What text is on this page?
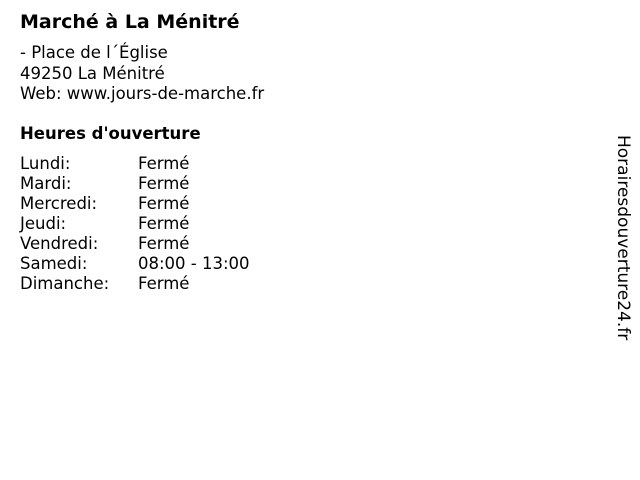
Marché à La Ménitré
- Place de l´Église
49250 La Ménitré
Web: www.jours-de-marche.fr
Heures d'ouverture
Lundi:	Fermé
Mardi:	Fermé
Mercredi:	Fermé
Jeudi:	Fermé
Vendredi:	Fermé
Samedi:	08:00 - 13:00
Dimanche:	Fermé	Horairesdouverture24.fr
